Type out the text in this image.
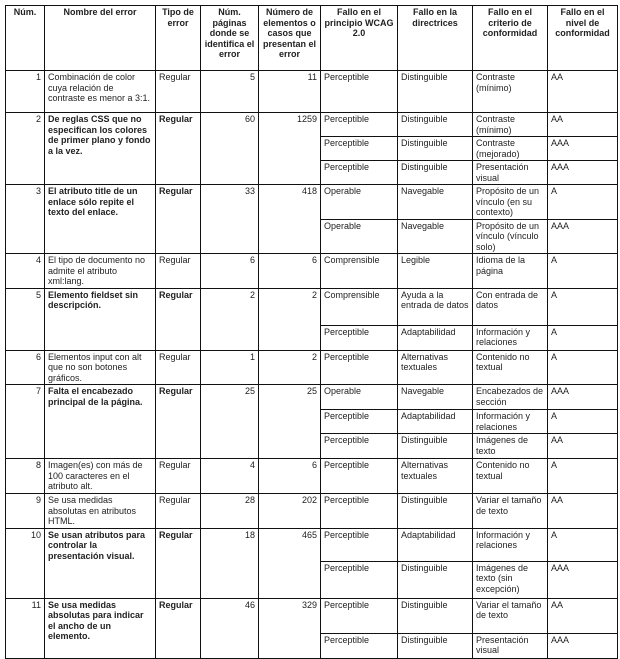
Núm.	Nombre del error	Tipo de error	Núm. páginas donde se identifica el error	Número de elementos o casos que presentan el error	Fallo en el principio WCAG 2.0	Fallo en la directrices	Fallo en el criterio de conformidad	Fallo en el nivel de conformidad
1	Combinación de color cuya relación de contraste es menor a 3:1.	Regular	5	11	Perceptible	Distinguible	Contraste (mínimo)	AA
2	De reglas CSS que no especifican los colores de primer plano y fondo a la vez.	Regular	60	1259	Perceptible	Distinguible	Contraste (mínimo)	AA
					Perceptible	Distinguible	Contraste (mejorado)	AAA
					Perceptible	Distinguible	Presentación visual	AAA
3	El atributo title de un enlace sólo repite el texto del enlace.	Regular	33	418	Operable	Navegable	Propósito de un vínculo (en su contexto)	A
					Operable	Navegable	Propósito de un vínculo (vínculo solo)	AAA
4	El tipo de documento no admite el atributo xml:lang.	Regular	6	6	Comprensible	Legible	Idioma de la página	A
5	Elemento fieldset sin descripción.	Regular	2	2	Comprensible	Ayuda a la entrada de datos	Con entrada de datos	A
					Perceptible	Adaptabilidad	Información y relaciones	A
6	Elementos input con alt que no son botones gráficos.	Regular	1	2	Perceptible	Alternativas textuales	Contenido no textual	A
7	Falta el encabezado principal de la página.	Regular	25	25	Operable	Navegable	Encabezados de sección	AAA
					Perceptible	Adaptabilidad	Información y relaciones	A
					Perceptible	Distinguible	Imágenes de texto	AA
8	Imagen(es) con más de 100 caracteres en el atributo alt.	Regular	4	6	Perceptible	Alternativas textuales	Contenido no textual	A
9	Se usa medidas absolutas en atributos HTML.	Regular	28	202	Perceptible	Distinguible	Variar el tamaño de texto	AA
10	Se usan atributos para controlar la presentación visual.	Regular	18	465	Perceptible	Adaptabilidad	Información y relaciones	A
					Perceptible	Distinguible	Imágenes de texto (sin excepción)	AAA
11	Se usa medidas absolutas para indicar el ancho de un elemento.	Regular	46	329	Perceptible	Distinguible	Variar el tamaño de texto	AA
					Perceptible	Distinguible	Presentación visual	AAA
